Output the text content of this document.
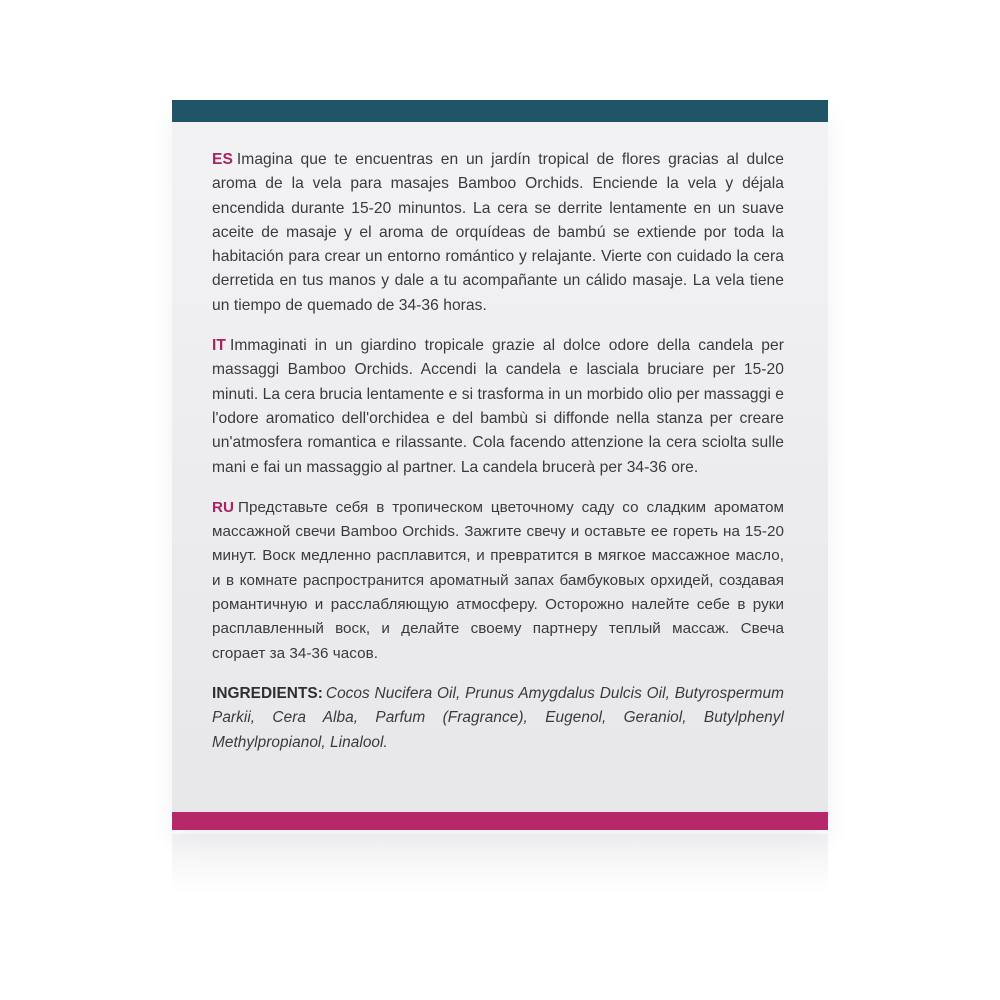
ES Imagina que te encuentras en un jardín tropical de flores gracias al dulce aroma de la vela para masajes Bamboo Orchids. Enciende la vela y déjala encendida durante 15-20 minuntos. La cera se derrite lentamente en un suave aceite de masaje y el aroma de orquídeas de bambú se extiende por toda la habitación para crear un entorno romántico y relajante. Vierte con cuidado la cera derretida en tus manos y dale a tu acompañante un cálido masaje. La vela tiene un tiempo de quemado de 34-36 horas.

IT Immaginati in un giardino tropicale grazie al dolce odore della candela per massaggi Bamboo Orchids. Accendi la candela e lasciala bruciare per 15-20 minuti. La cera brucia lentamente e si trasforma in un morbido olio per massaggi e l'odore aromatico dell'orchidea e del bambù si diffonde nella stanza per creare un'atmosfera romantica e rilassante. Cola facendo attenzione la cera sciolta sulle mani e fai un massaggio al partner. La candela brucerà per 34-36 ore.

RU Представьте себя в тропическом цветочному саду со сладким ароматом массажной свечи Bamboo Orchids. Зажгите свечу и оставьте ее гореть на 15-20 минут. Воск медленно расплавится, и превратится в мягкое массажное масло, и в комнате распространится ароматный запах бамбуковых орхидей, создавая романтичную и расслабляющую атмосферу. Осторожно налейте себе в руки расплавленный воск, и делайте своему партнеру теплый массаж. Свеча сгорает за 34-36 часов.

INGREDIENTS: Cocos Nucifera Oil, Prunus Amygdalus Dulcis Oil, Butyrospermum Parkii, Cera Alba, Parfum (Fragrance), Eugenol, Geraniol, Butylphenyl Methylpropianol, Linalool.
